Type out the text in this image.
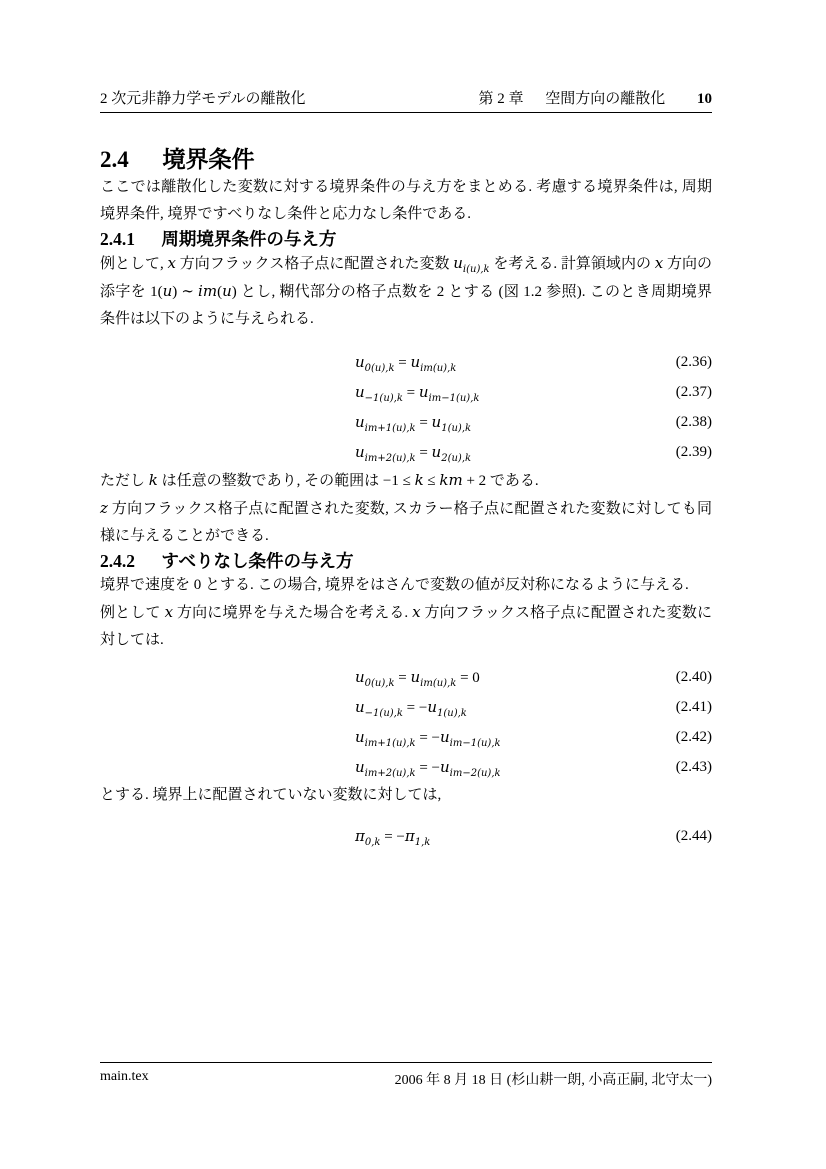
2 次元非静力学モデルの離散化	第 2 章 空間方向の離散化 10
2.4 境界条件

ここでは離散化した変数に対する境界条件の与え方をまとめる. 考慮する境界条件は, 周期境界条件, 境界ですべりなし条件と応力なし条件である.

2.4.1 周期境界条件の与え方

例として, x 方向フラックス格子点に配置された変数 $u_{i(u),k}$ を考える. 計算領域内の x 方向の添字を 1(u) ∼ im(u) とし, 糊代部分の格子点数を 2 とする (図 1.2 参照). このとき周期境界条件は以下のように与えられる.

$u_{0(u),k} = u_{im(u),k}$	(2.36)
$u_{-1(u),k} = u_{im-1(u),k}$	(2.37)
$u_{im+1(u),k} = u_{1(u),k}$	(2.38)
$u_{im+2(u),k} = u_{2(u),k}$	(2.39)

ただし k は任意の整数であり, その範囲は −1 ≤ k ≤ km + 2 である.

z 方向フラックス格子点に配置された変数, スカラー格子点に配置された変数に対しても同様に与えることができる.

2.4.2 すべりなし条件の与え方

境界で速度を 0 とする. この場合, 境界をはさんで変数の値が反対称になるように与える.

例として x 方向に境界を与えた場合を考える. x 方向フラックス格子点に配置された変数に対しては.

$u_{0(u),k} = u_{im(u),k} = 0$	(2.40)
$u_{-1(u),k} = -u_{1(u),k}$	(2.41)
$u_{im+1(u),k} = -u_{im-1(u),k}$	(2.42)
$u_{im+2(u),k} = -u_{im-2(u),k}$	(2.43)

とする. 境界上に配置されていない変数に対しては,

$\pi_{0,k} = -\pi_{1,k}$	(2.44)
main.tex	2006 年 8 月 18 日 (杉山耕一朗, 小高正嗣, 北守太一)
